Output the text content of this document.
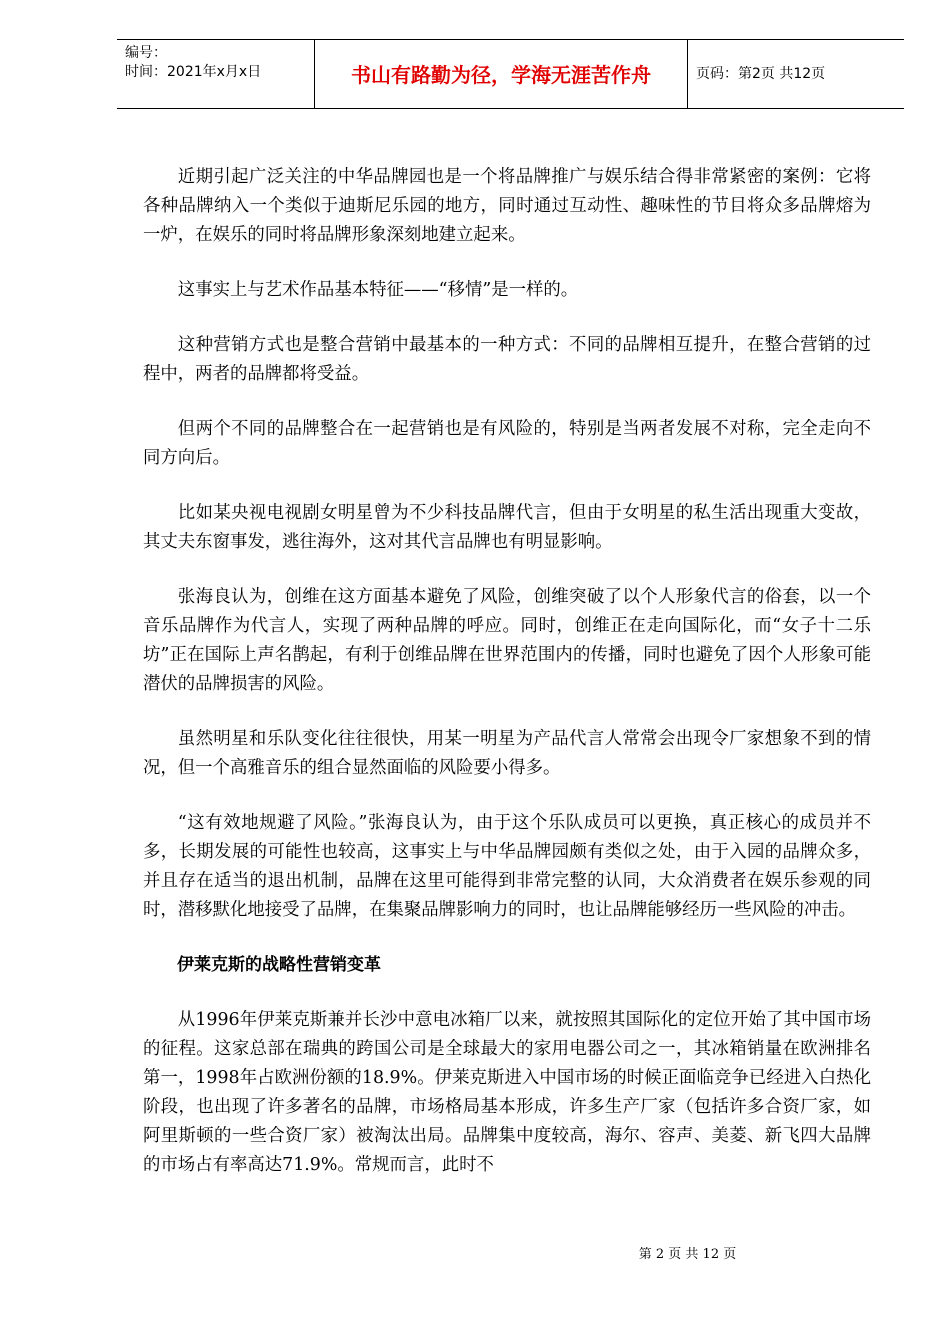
编号：
时间：2021年x月x日	书山有路勤为径，学海无涯苦作舟	页码：第2页 共12页

近期引起广泛关注的中华品牌园也是一个将品牌推广与娱乐结合得非常紧密的案例：它将各种品牌纳入一个类似于迪斯尼乐园的地方，同时通过互动性、趣味性的节目将众多品牌熔为一炉，在娱乐的同时将品牌形象深刻地建立起来。

这事实上与艺术作品基本特征——“移情”是一样的。

这种营销方式也是整合营销中最基本的一种方式：不同的品牌相互提升，在整合营销的过程中，两者的品牌都将受益。

但两个不同的品牌整合在一起营销也是有风险的，特别是当两者发展不对称，完全走向不同方向后。

比如某央视电视剧女明星曾为不少科技品牌代言，但由于女明星的私生活出现重大变故，其丈夫东窗事发，逃往海外，这对其代言品牌也有明显影响。

张海良认为，创维在这方面基本避免了风险，创维突破了以个人形象代言的俗套，以一个音乐品牌作为代言人，实现了两种品牌的呼应。同时，创维正在走向国际化，而“女子十二乐坊”正在国际上声名鹊起，有利于创维品牌在世界范围内的传播，同时也避免了因个人形象可能潜伏的品牌损害的风险。

虽然明星和乐队变化往往很快，用某一明星为产品代言人常常会出现令厂家想象不到的情况，但一个高雅音乐的组合显然面临的风险要小得多。

“这有效地规避了风险。”张海良认为，由于这个乐队成员可以更换，真正核心的成员并不多，长期发展的可能性也较高，这事实上与中华品牌园颇有类似之处，由于入园的品牌众多，并且存在适当的退出机制，品牌在这里可能得到非常完整的认同，大众消费者在娱乐参观的同时，潜移默化地接受了品牌，在集聚品牌影响力的同时，也让品牌能够经历一些风险的冲击。

伊莱克斯的战略性营销变革

从1996年伊莱克斯兼并长沙中意电冰箱厂以来，就按照其国际化的定位开始了其中国市场的征程。这家总部在瑞典的跨国公司是全球最大的家用电器公司之一，其冰箱销量在欧洲排名第一，1998年占欧洲份额的18.9%。伊莱克斯进入中国市场的时候正面临竞争已经进入白热化阶段，也出现了许多著名的品牌，市场格局基本形成，许多生产厂家（包括许多合资厂家，如阿里斯顿的一些合资厂家）被淘汰出局。品牌集中度较高，海尔、容声、美菱、新飞四大品牌的市场占有率高达71.9%。常规而言，此时不

第 2 页 共 12 页
